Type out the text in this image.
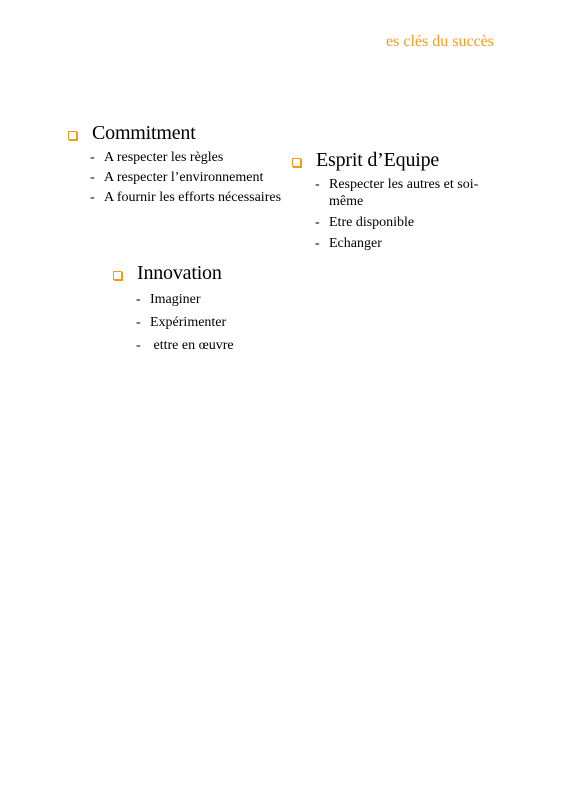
es clés du succès
Commitment
- A respecter les règles
- A respecter l’environnement
- A fournir les efforts nécessaires
Esprit d’Equipe
- Respecter les autres et soi-même
- Etre disponible
- Echanger
Innovation
- Imaginer
- Expérimenter
- ettre en œuvre
